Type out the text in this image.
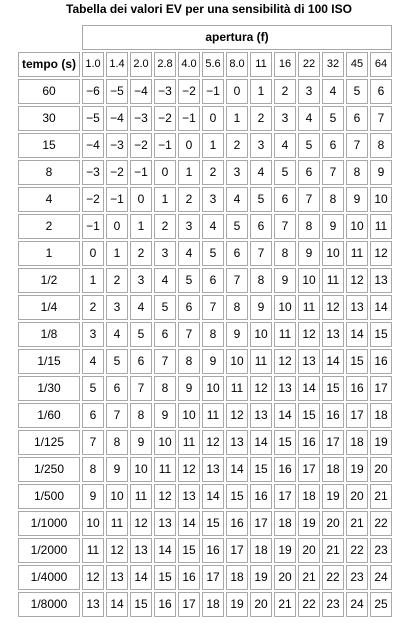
Tabella dei valori EV per una sensibilità di 100 ISO
	apertura (f)												
tempo (s)	1.0	1.4	2.0	2.8	4.0	5.6	8.0	11	16	22	32	45	64
60	−6	−5	−4	−3	−2	−1	0	1	2	3	4	5	6
30	−5	−4	−3	−2	−1	0	1	2	3	4	5	6	7
15	−4	−3	−2	−1	0	1	2	3	4	5	6	7	8
8	−3	−2	−1	0	1	2	3	4	5	6	7	8	9
4	−2	−1	0	1	2	3	4	5	6	7	8	9	10
2	−1	0	1	2	3	4	5	6	7	8	9	10	11
1	0	1	2	3	4	5	6	7	8	9	10	11	12
1/2	1	2	3	4	5	6	7	8	9	10	11	12	13
1/4	2	3	4	5	6	7	8	9	10	11	12	13	14
1/8	3	4	5	6	7	8	9	10	11	12	13	14	15
1/15	4	5	6	7	8	9	10	11	12	13	14	15	16
1/30	5	6	7	8	9	10	11	12	13	14	15	16	17
1/60	6	7	8	9	10	11	12	13	14	15	16	17	18
1/125	7	8	9	10	11	12	13	14	15	16	17	18	19
1/250	8	9	10	11	12	13	14	15	16	17	18	19	20
1/500	9	10	11	12	13	14	15	16	17	18	19	20	21
1/1000	10	11	12	13	14	15	16	17	18	19	20	21	22
1/2000	11	12	13	14	15	16	17	18	19	20	21	22	23
1/4000	12	13	14	15	16	17	18	19	20	21	22	23	24
1/8000	13	14	15	16	17	18	19	20	21	22	23	24	25
